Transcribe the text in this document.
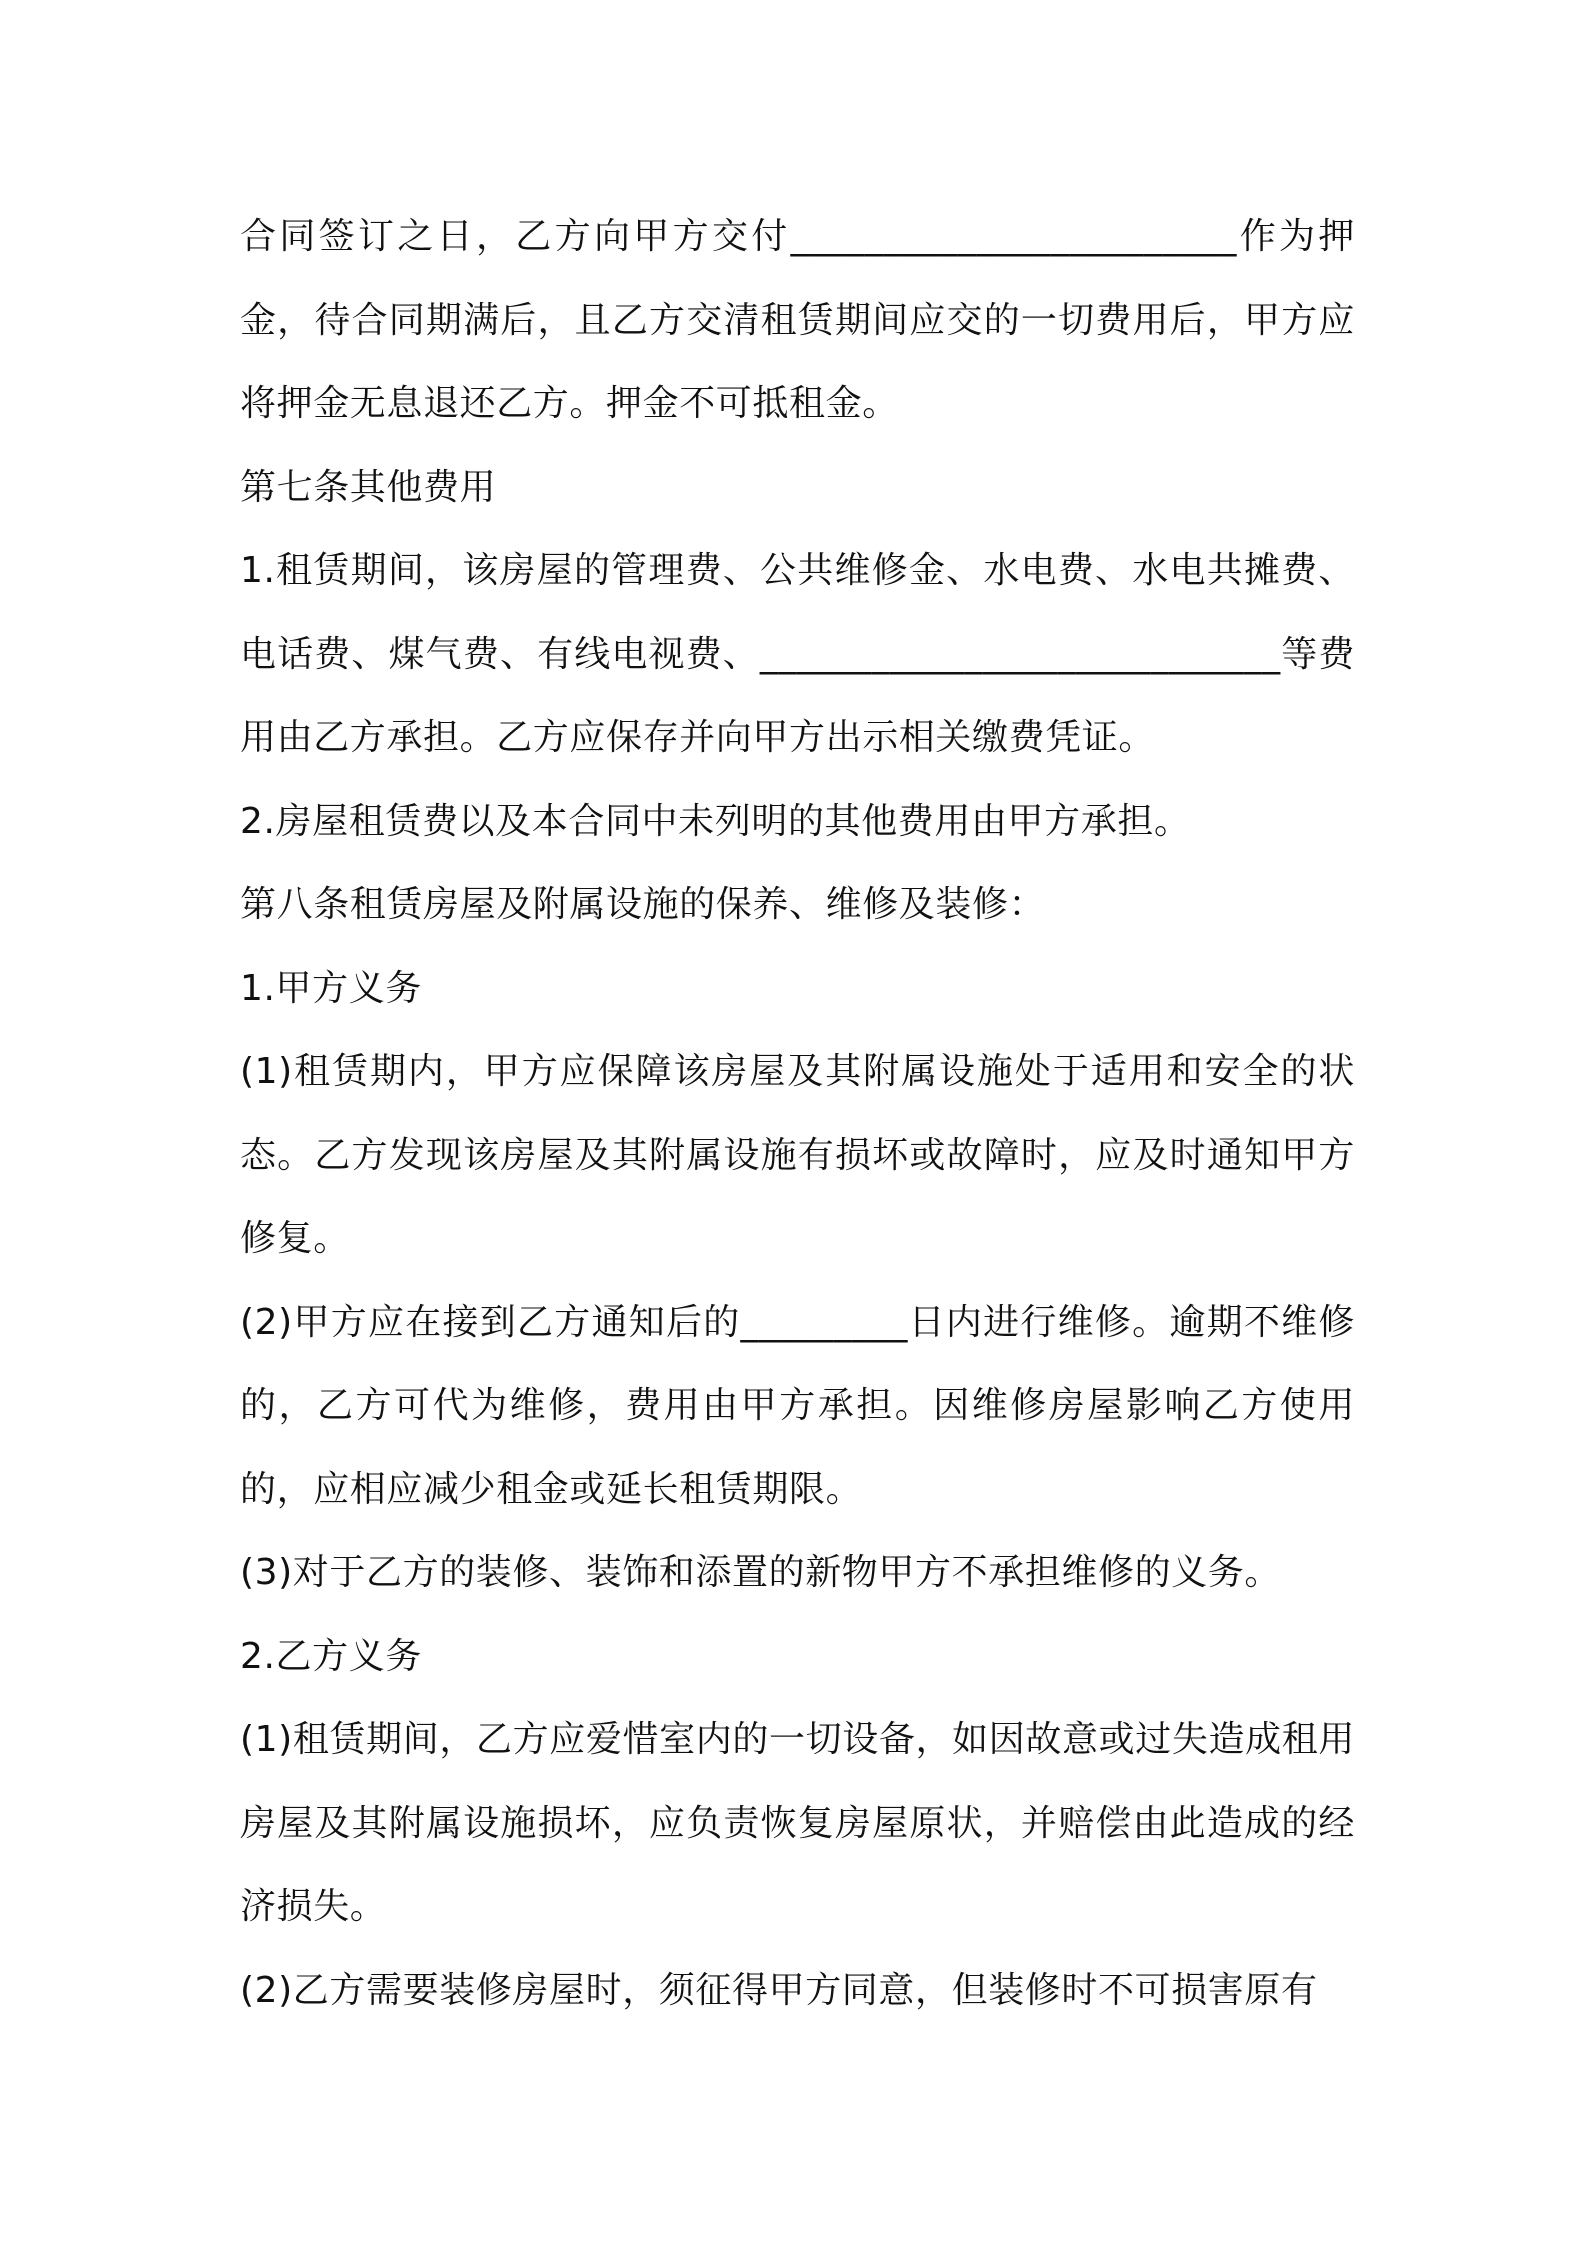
合同签订之日，乙方向甲方交付________________________作为押金，待合同期满后，且乙方交清租赁期间应交的一切费用后，甲方应将押金无息退还乙方。押金不可抵租金。

第七条其他费用

1.租赁期间，该房屋的管理费、公共维修金、水电费、水电共摊费、电话费、煤气费、有线电视费、____________________________等费用由乙方承担。乙方应保存并向甲方出示相关缴费凭证。

2.房屋租赁费以及本合同中未列明的其他费用由甲方承担。

第八条租赁房屋及附属设施的保养、维修及装修：

1.甲方义务

(1)租赁期内，甲方应保障该房屋及其附属设施处于适用和安全的状态。乙方发现该房屋及其附属设施有损坏或故障时，应及时通知甲方修复。

(2)甲方应在接到乙方通知后的_________日内进行维修。逾期不维修的，乙方可代为维修，费用由甲方承担。因维修房屋影响乙方使用的，应相应减少租金或延长租赁期限。

(3)对于乙方的装修、装饰和添置的新物甲方不承担维修的义务。

2.乙方义务

(1)租赁期间，乙方应爱惜室内的一切设备，如因故意或过失造成租用房屋及其附属设施损坏，应负责恢复房屋原状，并赔偿由此造成的经济损失。

(2)乙方需要装修房屋时，须征得甲方同意，但装修时不可损害原有
